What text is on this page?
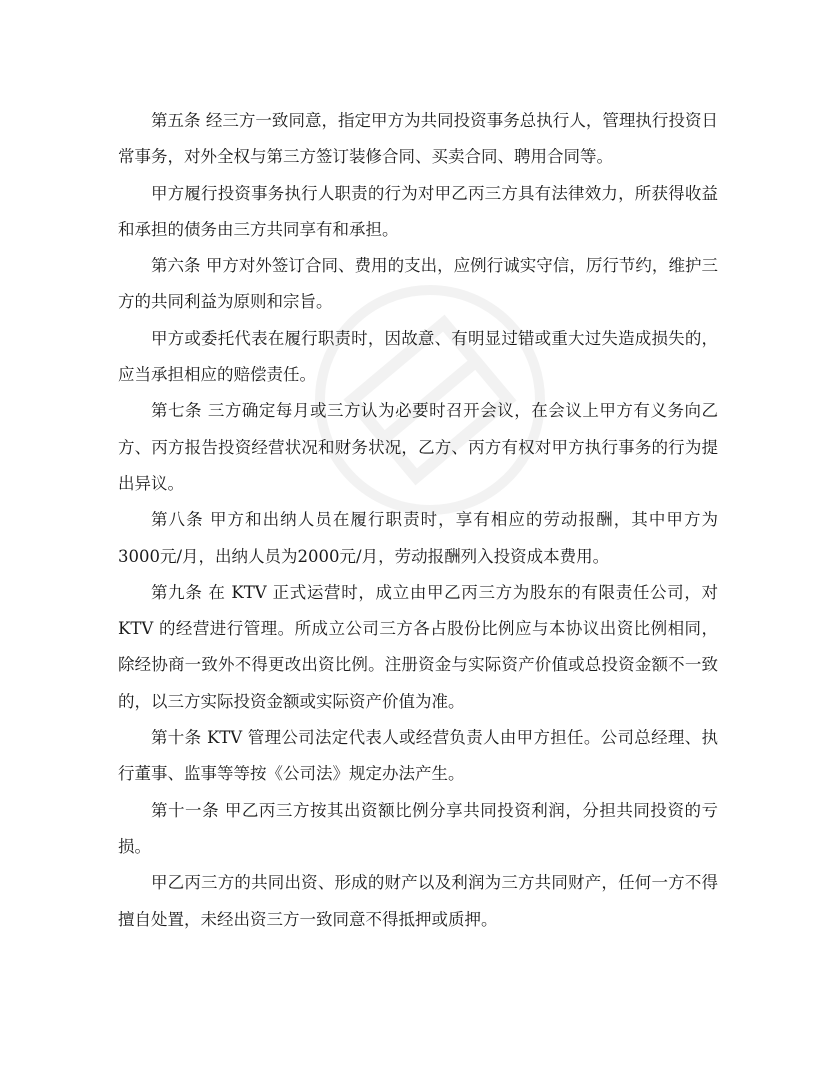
第五条 经三方一致同意，指定甲方为共同投资事务总执行人，管理执行投资日常事务，对外全权与第三方签订装修合同、买卖合同、聘用合同等。

甲方履行投资事务执行人职责的行为对甲乙丙三方具有法律效力，所获得收益和承担的债务由三方共同享有和承担。

第六条 甲方对外签订合同、费用的支出，应例行诚实守信，厉行节约，维护三方的共同利益为原则和宗旨。

甲方或委托代表在履行职责时，因故意、有明显过错或重大过失造成损失的，应当承担相应的赔偿责任。

第七条 三方确定每月或三方认为必要时召开会议，在会议上甲方有义务向乙方、丙方报告投资经营状况和财务状况，乙方、丙方有权对甲方执行事务的行为提出异议。

第八条 甲方和出纳人员在履行职责时，享有相应的劳动报酬，其中甲方为3000元/月，出纳人员为2000元/月，劳动报酬列入投资成本费用。

第九条 在 KTV 正式运营时，成立由甲乙丙三方为股东的有限责任公司，对KTV 的经营进行管理。所成立公司三方各占股份比例应与本协议出资比例相同，除经协商一致外不得更改出资比例。注册资金与实际资产价值或总投资金额不一致的，以三方实际投资金额或实际资产价值为准。

第十条 KTV 管理公司法定代表人或经营负责人由甲方担任。公司总经理、执行董事、监事等等按《公司法》规定办法产生。

第十一条 甲乙丙三方按其出资额比例分享共同投资利润，分担共同投资的亏损。

甲乙丙三方的共同出资、形成的财产以及利润为三方共同财产，任何一方不得擅自处置，未经出资三方一致同意不得抵押或质押。
